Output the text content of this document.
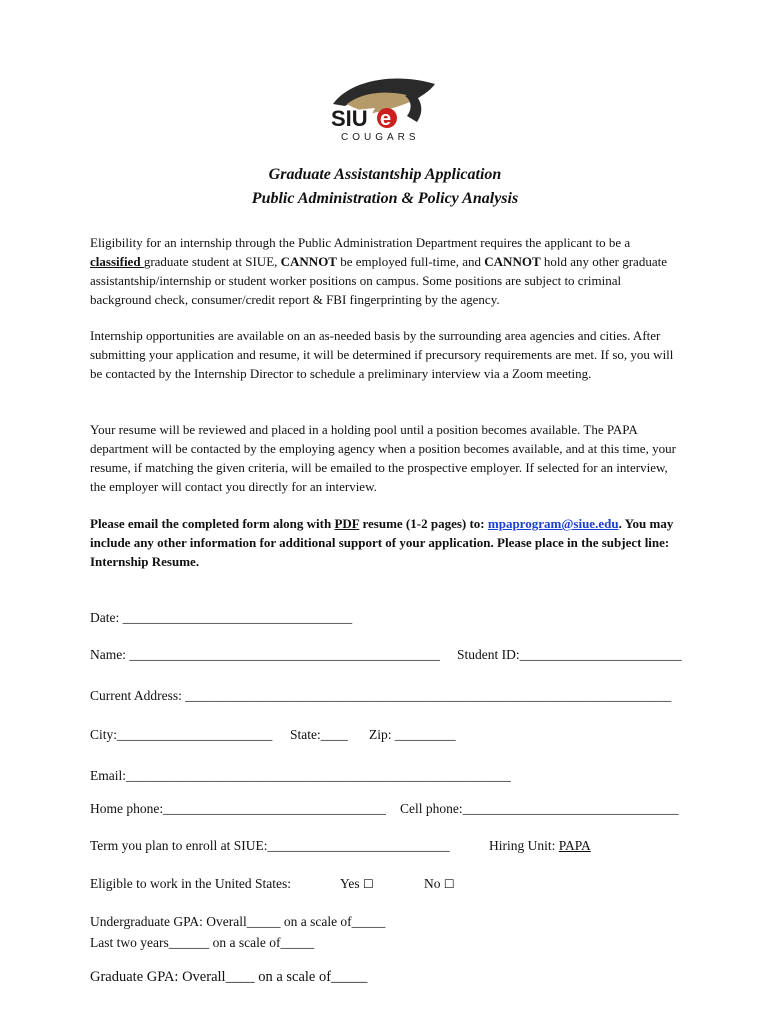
SIU e
COUGARS
Graduate Assistantship Application
Public Administration & Policy Analysis

Eligibility for an internship through the Public Administration Department requires the applicant to be a classified graduate student at SIUE, CANNOT be employed full-time, and CANNOT hold any other graduate assistantship/internship or student worker positions on campus. Some positions are subject to criminal background check, consumer/credit report & FBI fingerprinting by the agency.

Internship opportunities are available on an as-needed basis by the surrounding area agencies and cities. After submitting your application and resume, it will be determined if precursory requirements are met. If so, you will be contacted by the Internship Director to schedule a preliminary interview via a Zoom meeting.

Your resume will be reviewed and placed in a holding pool until a position becomes available. The PAPA department will be contacted by the employing agency when a position becomes available, and at this time, your resume, if matching the given criteria, will be emailed to the prospective employer. If selected for an interview, the employer will contact you directly for an interview.

Please email the completed form along with PDF resume (1-2 pages) to: mpaprogram@siue.edu. You may include any other information for additional support of your application. Please place in the subject line: Internship Resume.

Date: __________________________________
Name: ______________________________________________ Student ID:________________________
Current Address: ________________________________________________________________________
City:_______________________ State:____ Zip: _________
Email:_________________________________________________________
Home phone:_________________________________ Cell phone:________________________________
Term you plan to enroll at SIUE:___________________________	Hiring Unit: PAPA
Eligible to work in the United States:	Yes ☐	No ☐
Undergraduate GPA: Overall_____ on a scale of_____
Last two years______ on a scale of_____
Graduate GPA: Overall____ on a scale of_____
